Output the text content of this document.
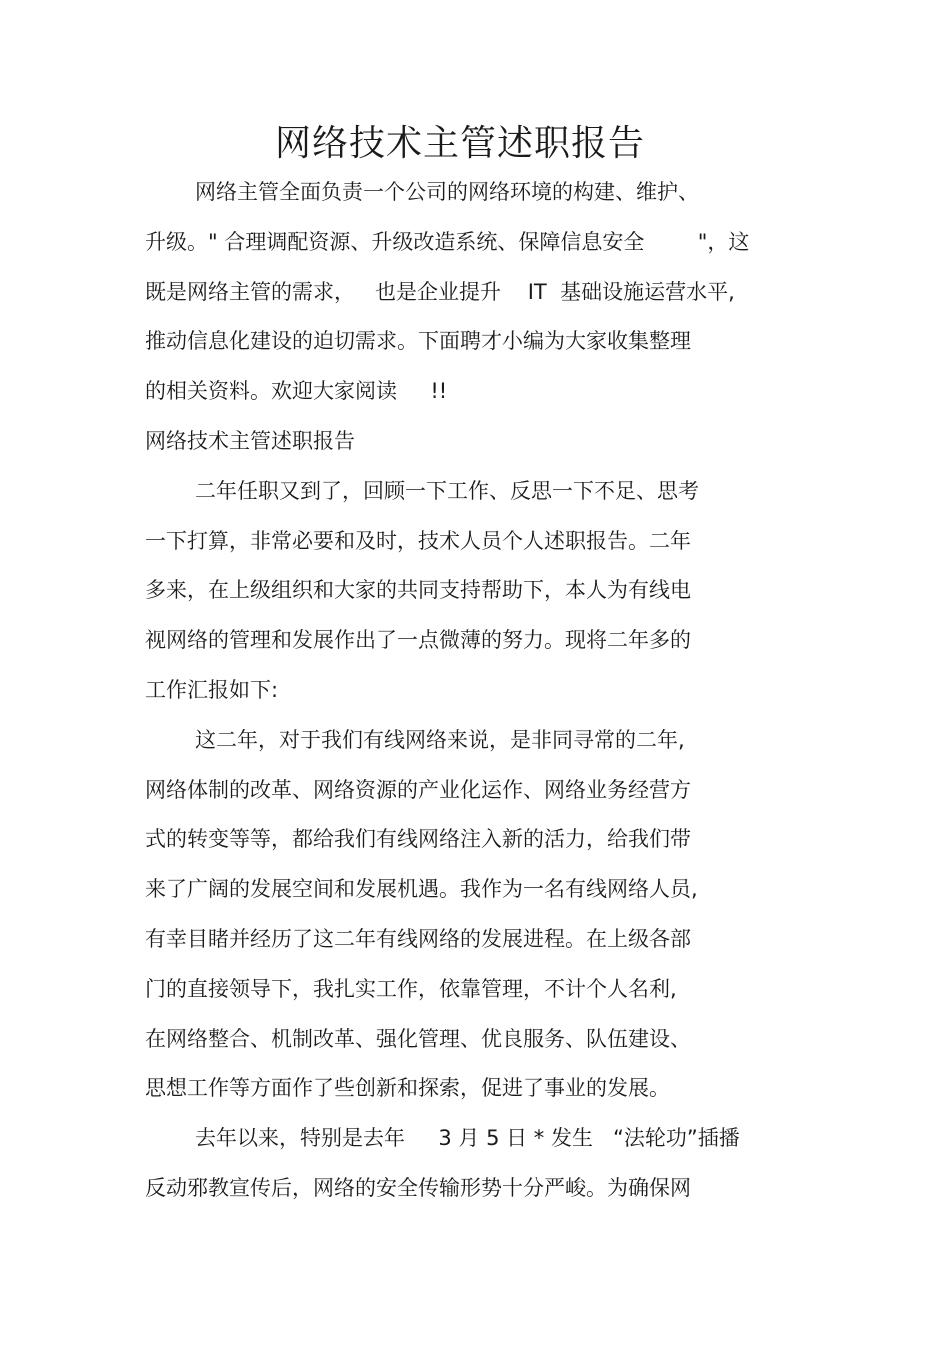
网络技术主管述职报告

网络主管全面负责一个公司的网络环境的构建、维护、

升级。" 合理调配资源、升级改造系统、保障信息安全        "，这

既是网络主管的需求，   也是企业提升    IT  基础设施运营水平,

推动信息化建设的迫切需求。下面聘才小编为大家收集整理

的相关资料。欢迎大家阅读     !!

网络技术主管述职报告

二年任职又到了，回顾一下工作、反思一下不足、思考

一下打算，非常必要和及时，技术人员个人述职报告。二年

多来，在上级组织和大家的共同支持帮助下，本人为有线电

视网络的管理和发展作出了一点微薄的努力。现将二年多的

工作汇报如下:

这二年，对于我们有线网络来说，是非同寻常的二年,

网络体制的改革、网络资源的产业化运作、网络业务经营方

式的转变等等，都给我们有线网络注入新的活力，给我们带

来了广阔的发展空间和发展机遇。我作为一名有线网络人员,

有幸目睹并经历了这二年有线网络的发展进程。在上级各部

门的直接领导下，我扎实工作，依靠管理，不计个人名利,

在网络整合、机制改革、强化管理、优良服务、队伍建设、

思想工作等方面作了些创新和探索，促进了事业的发展。

去年以来，特别是去年     3 月 5 日 * 发生   “法轮功”插播

反动邪教宣传后，网络的安全传输形势十分严峻。为确保网
